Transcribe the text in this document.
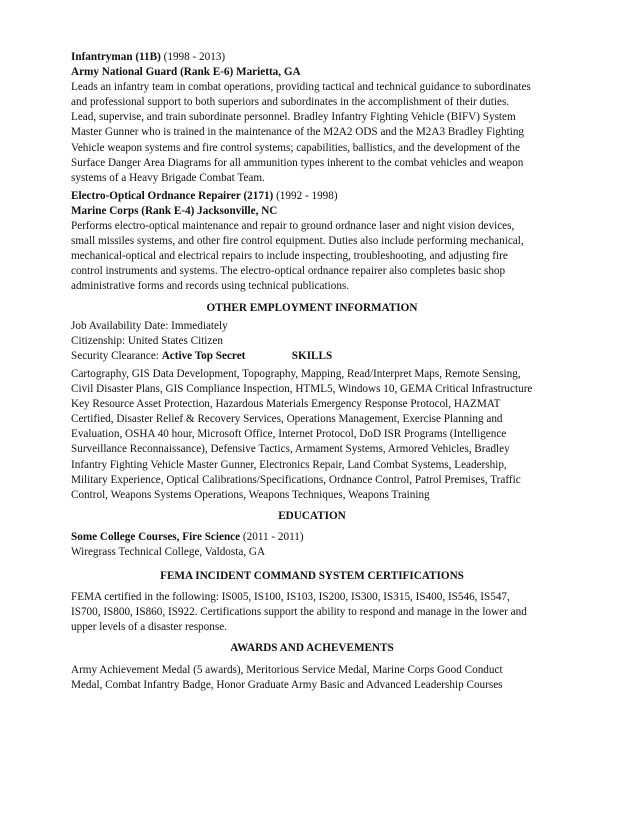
Infantryman (11B) (1998 - 2013)
Army National Guard (Rank E-6) Marietta, GA
Leads an infantry team in combat operations, providing tactical and technical guidance to subordinates
and professional support to both superiors and subordinates in the accomplishment of their duties.
Lead, supervise, and train subordinate personnel. Bradley Infantry Fighting Vehicle (BIFV) System
Master Gunner who is trained in the maintenance of the M2A2 ODS and the M2A3 Bradley Fighting
Vehicle weapon systems and fire control systems; capabilities, ballistics, and the development of the
Surface Danger Area Diagrams for all ammunition types inherent to the combat vehicles and weapon
systems of a Heavy Brigade Combat Team.
Electro-Optical Ordnance Repairer (2171) (1992 - 1998)
Marine Corps (Rank E-4) Jacksonville, NC
Performs electro-optical maintenance and repair to ground ordnance laser and night vision devices,
small missiles systems, and other fire control equipment. Duties also include performing mechanical,
mechanical-optical and electrical repairs to include inspecting, troubleshooting, and adjusting fire
control instruments and systems. The electro-optical ordnance repairer also completes basic shop
administrative forms and records using technical publications.
OTHER EMPLOYMENT INFORMATION
Job Availability Date: Immediately
Citizenship: United States Citizen
Security Clearance: Active Top Secret	SKILLS
Cartography, GIS Data Development, Topography, Mapping, Read/Interpret Maps, Remote Sensing,
Civil Disaster Plans, GIS Compliance Inspection, HTML5, Windows 10, GEMA Critical Infrastructure
Key Resource Asset Protection, Hazardous Materials Emergency Response Protocol, HAZMAT
Certified, Disaster Relief & Recovery Services, Operations Management, Exercise Planning and
Evaluation, OSHA 40 hour, Microsoft Office, Internet Protocol, DoD ISR Programs (Intelligence
Surveillance Reconnaissance), Defensive Tactics, Armament Systems, Armored Vehicles, Bradley
Infantry Fighting Vehicle Master Gunner, Electronics Repair, Land Combat Systems, Leadership,
Military Experience, Optical Calibrations/Specifications, Ordnance Control, Patrol Premises, Traffic
Control, Weapons Systems Operations, Weapons Techniques, Weapons Training
EDUCATION
Some College Courses, Fire Science (2011 - 2011)
Wiregrass Technical College, Valdosta, GA
FEMA INCIDENT COMMAND SYSTEM CERTIFICATIONS
FEMA certified in the following: IS005, IS100, IS103, IS200, IS300, IS315, IS400, IS546, IS547,
IS700, IS800, IS860, IS922. Certifications support the ability to respond and manage in the lower and
upper levels of a disaster response.
AWARDS AND ACHEVEMENTS
Army Achievement Medal (5 awards), Meritorious Service Medal, Marine Corps Good Conduct
Medal, Combat Infantry Badge, Honor Graduate Army Basic and Advanced Leadership Courses
